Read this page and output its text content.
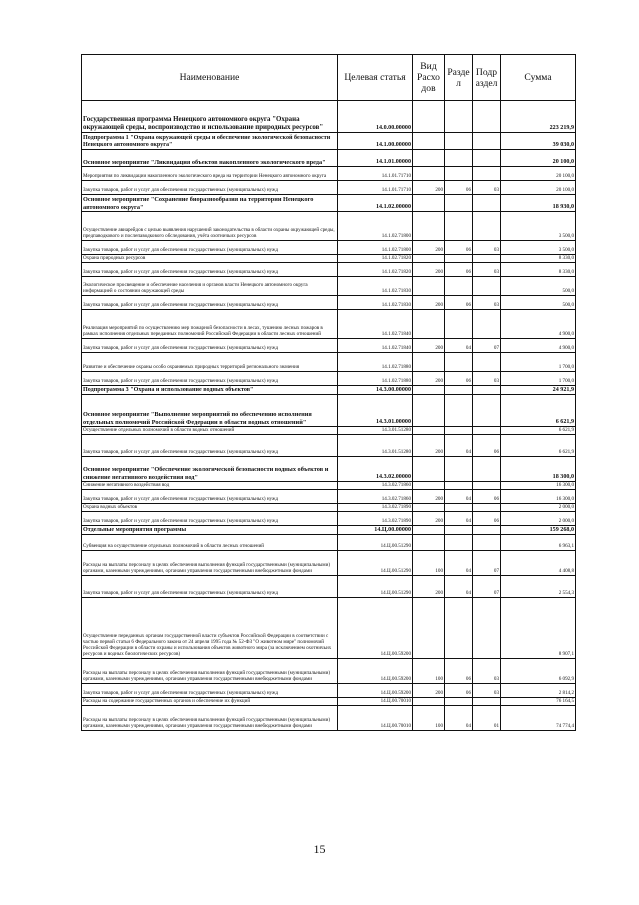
Наименование	Целевая статья	Вид Расхо дов	Разде л	Подр аздел	Сумма
Государственная программа Ненецкого автономного округа "Охрана окружающей среды, воспроизводство и использование природных ресурсов"	14.0.00.00000				223 219,9
Подпрограмма 1 "Охрана окружающей среды и обеспечение экологической безопасности Ненецкого автономного округа"	14.1.00.00000				39 030,0
Основное мероприятие "Ликвидация объектов накопленного экологического вреда"	14.1.01.00000				20 100,0
Мероприятия по ликвидации накопленного экологического вреда на территории Ненецкого автономного округа	14.1.01.71710				20 100,0
Закупка товаров, работ и услуг для обеспечения государственных (муниципальных) нужд	14.1.01.71710	200	06	03	20 100,0
Основное мероприятие "Сохранение биоразнообразия на территории Ненецкого автономного округа"	14.1.02.00000				18 930,0
Осуществление авиарейдов с целью выявления нарушений законодательства в области охраны окружающей среды, предпаводкового и послепаводкового обследования, учёта охотничьих ресурсов	14.1.02.71800				3 500,0
Закупка товаров, работ и услуг для обеспечения государственных (муниципальных) нужд	14.1.02.71800	200	06	03	3 500,0
Охрана природных ресурсов	14.1.02.71820				8 330,0
Закупка товаров, работ и услуг для обеспечения государственных (муниципальных) нужд	14.1.02.71820	200	06	03	8 330,0
Экологическое просвещение и обеспечение населения и органов власти Ненецкого автономного округа информацией о состоянии окружающей среды	14.1.02.71830				500,0
Закупка товаров, работ и услуг для обеспечения государственных (муниципальных) нужд	14.1.02.71830	200	06	03	500,0
Реализация мероприятий по осуществлению мер пожарной безопасности в лесах, тушению лесных пожаров в рамках исполнения отдельных переданных полномочий Российской Федерации в области лесных отношений	14.1.02.71840				4 900,0
Закупка товаров, работ и услуг для обеспечения государственных (муниципальных) нужд	14.1.02.71840	200	04	07	4 900,0
Развитие и обеспечение охраны особо охраняемых природных территорий регионального значения	14.1.02.71880				1 700,0
Закупка товаров, работ и услуг для обеспечения государственных (муниципальных) нужд	14.1.02.71880	200	06	03	1 700,0
Подпрограмма 3 "Охрана и использование водных объектов"	14.3.00.00000				24 921,9
Основное мероприятие "Выполнение мероприятий по обеспечению исполнения отдельных полномочий Российской Федерации в области водных отношений"	14.3.01.00000				6 621,9
Осуществление отдельных полномочий в области водных отношений	14.3.01.51280				6 621,9
Закупка товаров, работ и услуг для обеспечения государственных (муниципальных) нужд	14.3.01.51280	200	04	06	6 621,9
Основное мероприятие "Обеспечение экологической безопасности водных объектов и снижение негативного воздействия вод"	14.3.02.00000				18 300,0
Снижение негативного воздействия вод	14.3.02.71860				16 300,0
Закупка товаров, работ и услуг для обеспечения государственных (муниципальных) нужд	14.3.02.71860	200	04	06	16 300,0
Охрана водных объектов	14.3.02.71890				2 000,0
Закупка товаров, работ и услуг для обеспечения государственных (муниципальных) нужд	14.3.02.71890	200	04	06	2 000,0
Отдельные мероприятия программы	14.Ц.00.00000				159 268,0
Субвенция на осуществление отдельных полномочий в области лесных отношений	14.Ц.00.51290				6 963,1
Расходы на выплаты персоналу в целях обеспечения выполнения функций государственными (муниципальными) органами, казенными учреждениями, органами управления государственными внебюджетными фондами	14.Ц.00.51290	100	04	07	4 408,8
Закупка товаров, работ и услуг для обеспечения государственных (муниципальных) нужд	14.Ц.00.51290	200	04	07	2 554,3
Осуществление переданных органам государственной власти субъектов Российской Федерации в соответствии с частью первой статьи 6 Федерального закона от 24 апреля 1995 года № 52-ФЗ "О животном мире" полномочий Российской Федерации в области охраны и использования объектов животного мира (за исключением охотничьих ресурсов и водных биологических ресурсов)	14.Ц.00.59200				8 907,1
Расходы на выплаты персоналу в целях обеспечения выполнения функций государственными (муниципальными) органами, казенными учреждениями, органами управления государственными внебюджетными фондами	14.Ц.00.59200	100	06	03	6 092,9
Закупка товаров, работ и услуг для обеспечения государственных (муниципальных) нужд	14.Ц.00.59200	200	06	03	2 814,2
Расходы на содержание государственных органов и обеспечение их функций	14.Ц.00.70010				76 164,5
Расходы на выплаты персоналу в целях обеспечения выполнения функций государственными (муниципальными) органами, казенными учреждениями, органами управления государственными внебюджетными фондами	14.Ц.00.70010	100	04	01	74 774,4
15
